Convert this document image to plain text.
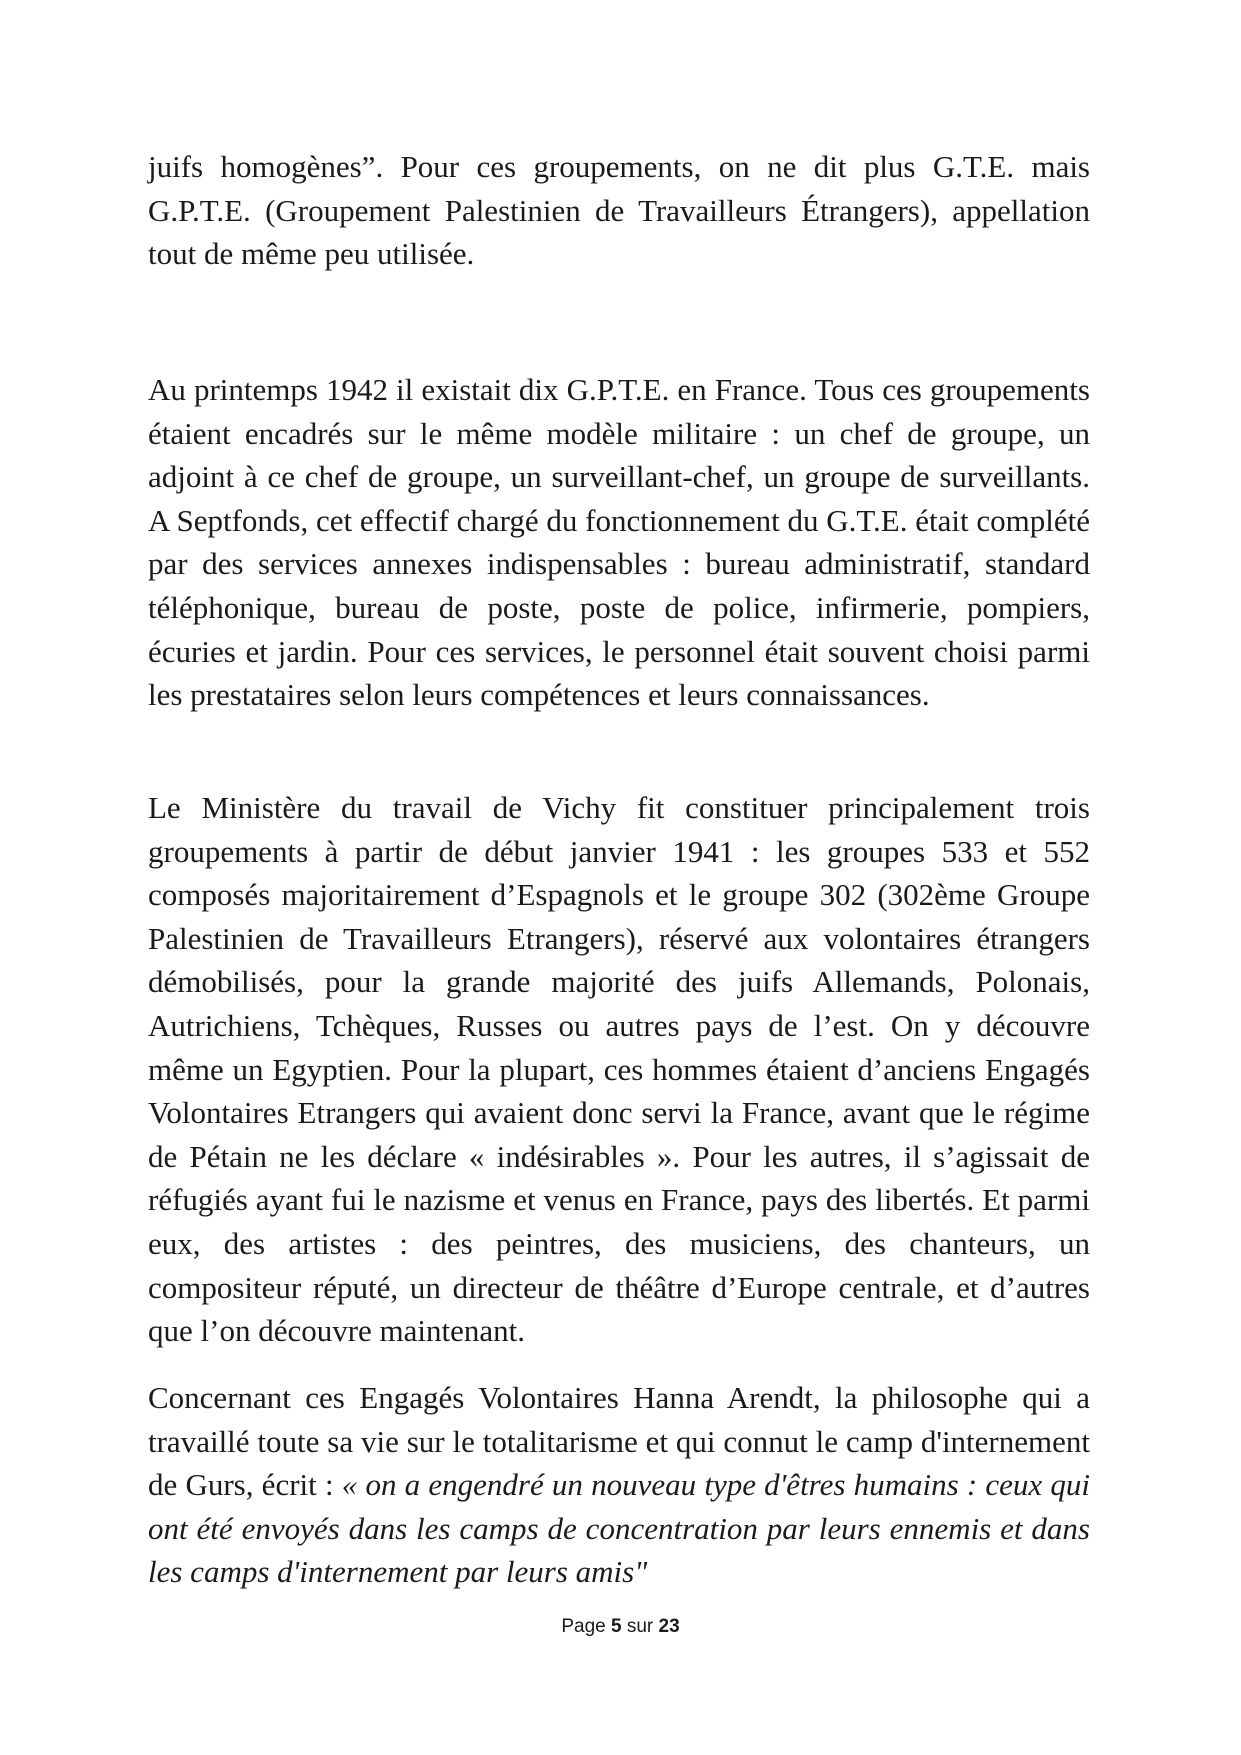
juifs homogènes”. Pour ces groupements, on ne dit plus G.T.E. mais G.P.T.E. (Groupement Palestinien de Travailleurs Étrangers), appellation tout de même peu utilisée.

Au printemps 1942 il existait dix G.P.T.E. en France. Tous ces groupements étaient encadrés sur le même modèle militaire : un chef de groupe, un adjoint à ce chef de groupe, un surveillant-chef, un groupe de surveillants. A Septfonds, cet effectif chargé du fonctionnement du G.T.E. était complété par des services annexes indispensables : bureau administratif, standard téléphonique, bureau de poste, poste de police, infirmerie, pompiers, écuries et jardin. Pour ces services, le personnel était souvent choisi parmi les prestataires selon leurs compétences et leurs connaissances.

Le Ministère du travail de Vichy fit constituer principalement trois groupements à partir de début janvier 1941 : les groupes 533 et 552 composés majoritairement d’Espagnols et le groupe 302 (302ème Groupe Palestinien de Travailleurs Etrangers), réservé aux volontaires étrangers démobilisés, pour la grande majorité des juifs Allemands, Polonais, Autrichiens, Tchèques, Russes ou autres pays de l’est. On y découvre même un Egyptien. Pour la plupart, ces hommes étaient d’anciens Engagés Volontaires Etrangers qui avaient donc servi la France, avant que le régime de Pétain ne les déclare « indésirables ». Pour les autres, il s’agissait de réfugiés ayant fui le nazisme et venus en France, pays des libertés. Et parmi eux, des artistes : des peintres, des musiciens, des chanteurs, un compositeur réputé, un directeur de théâtre d’Europe centrale, et d’autres que l’on découvre maintenant.

Concernant ces Engagés Volontaires Hanna Arendt, la philosophe qui a travaillé toute sa vie sur le totalitarisme et qui connut le camp d'internement de Gurs, écrit : « on a engendré un nouveau type d'êtres humains : ceux qui ont été envoyés dans les camps de concentration par leurs ennemis et dans les camps d'internement par leurs amis"

Page 5 sur 23
